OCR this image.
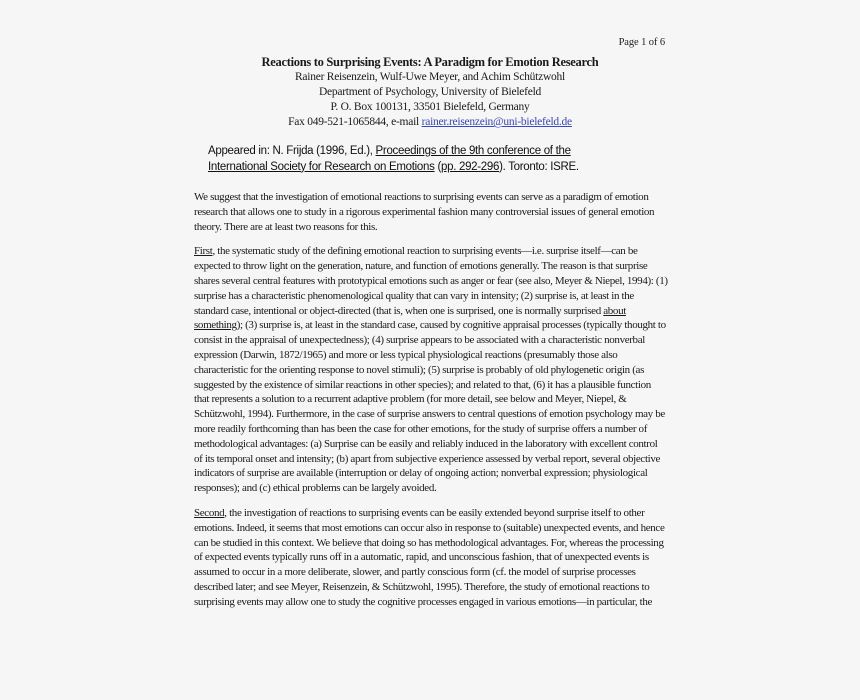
Page 1 of 6
Reactions to Surprising Events: A Paradigm for Emotion Research
Rainer Reisenzein, Wulf-Uwe Meyer, and Achim Schützwohl
Department of Psychology, University of Bielefeld
P. O. Box 100131, 33501 Bielefeld, Germany
Fax 049-521-1065844, e-mail rainer.reisenzein@uni-bielefeld.de
Appeared in: N. Frijda (1996, Ed.), Proceedings of the 9th conference of the International Society for Research on Emotions (pp. 292-296). Toronto: ISRE.

We suggest that the investigation of emotional reactions to surprising events can serve as a paradigm of emotion research that allows one to study in a rigorous experimental fashion many controversial issues of general emotion theory. There are at least two reasons for this.

First, the systematic study of the defining emotional reaction to surprising events—i.e. surprise itself—can be expected to throw light on the generation, nature, and function of emotions generally. The reason is that surprise shares several central features with prototypical emotions such as anger or fear (see also, Meyer & Niepel, 1994): (1) surprise has a characteristic phenomenological quality that can vary in intensity; (2) surprise is, at least in the standard case, intentional or object-directed (that is, when one is surprised, one is normally surprised about something); (3) surprise is, at least in the standard case, caused by cognitive appraisal processes (typically thought to consist in the appraisal of unexpectedness); (4) surprise appears to be associated with a characteristic nonverbal expression (Darwin, 1872/1965) and more or less typical physiological reactions (presumably those also characteristic for the orienting response to novel stimuli); (5) surprise is probably of old phylogenetic origin (as suggested by the existence of similar reactions in other species); and related to that, (6) it has a plausible function that represents a solution to a recurrent adaptive problem (for more detail, see below and Meyer, Niepel, & Schützwohl, 1994). Furthermore, in the case of surprise answers to central questions of emotion psychology may be more readily forthcoming than has been the case for other emotions, for the study of surprise offers a number of methodological advantages: (a) Surprise can be easily and reliably induced in the laboratory with excellent control of its temporal onset and intensity; (b) apart from subjective experience assessed by verbal report, several objective indicators of surprise are available (interruption or delay of ongoing action; nonverbal expression; physiological responses); and (c) ethical problems can be largely avoided.

Second, the investigation of reactions to surprising events can be easily extended beyond surprise itself to other emotions. Indeed, it seems that most emotions can occur also in response to (suitable) unexpected events, and hence can be studied in this context. We believe that doing so has methodological advantages. For, whereas the processing of expected events typically runs off in a automatic, rapid, and unconscious fashion, that of unexpected events is assumed to occur in a more deliberate, slower, and partly conscious form (cf. the model of surprise processes described later; and see Meyer, Reisenzein, & Schützwohl, 1995). Therefore, the study of emotional reactions to surprising events may allow one to study the cognitive processes engaged in various emotions—in particular, the
